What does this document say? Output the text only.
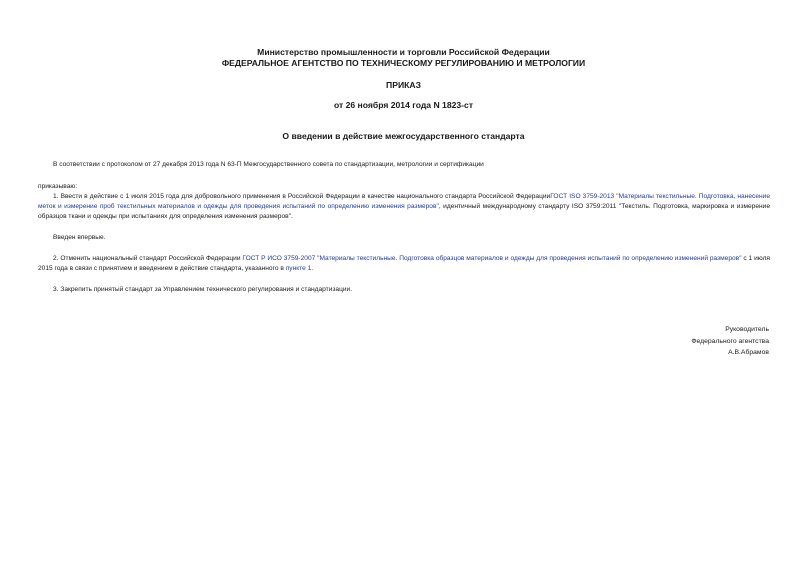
Министерство промышленности и торговли Российской Федерации
ФЕДЕРАЛЬНОЕ АГЕНТСТВО ПО ТЕХНИЧЕСКОМУ РЕГУЛИРОВАНИЮ И МЕТРОЛОГИИ
ПРИКАЗ
от 26 ноября 2014 года N 1823-ст
О введении в действие межгосударственного стандарта

В соответствии с протоколом от 27 декабря 2013 года N 63-П Межгосударственного совета по стандартизации, метрологии и сертификации

приказываю:

1. Ввести в действие с 1 июля 2015 года для добровольного применения в Российской Федерации в качестве национального стандарта Российской ФедерацииГОСТ ISO 3759-2013 "Материалы текстильные. Подготовка, нанесение меток и измерение проб текстильных материалов и одежды для проведения испытаний по определению изменения размеров", идентичный международному стандарту ISO 3759:2011 "Текстиль. Подготовка, маркировка и измерение образцов ткани и одежды при испытаниях для определения изменения размеров".

Введен впервые.

2. Отменить национальный стандарт Российской Федерации ГОСТ Р ИСО 3759-2007 "Материалы текстильные. Подготовка образцов материалов и одежды для проведения испытаний по определению изменений размеров" с 1 июля 2015 года в связи с принятием и введением в действие стандарта, указанного в пункте 1.

3. Закрепить принятый стандарт за Управлением технического регулирования и стандартизации.

Руководитель
Федерального агентства
А.В.Абрамов
